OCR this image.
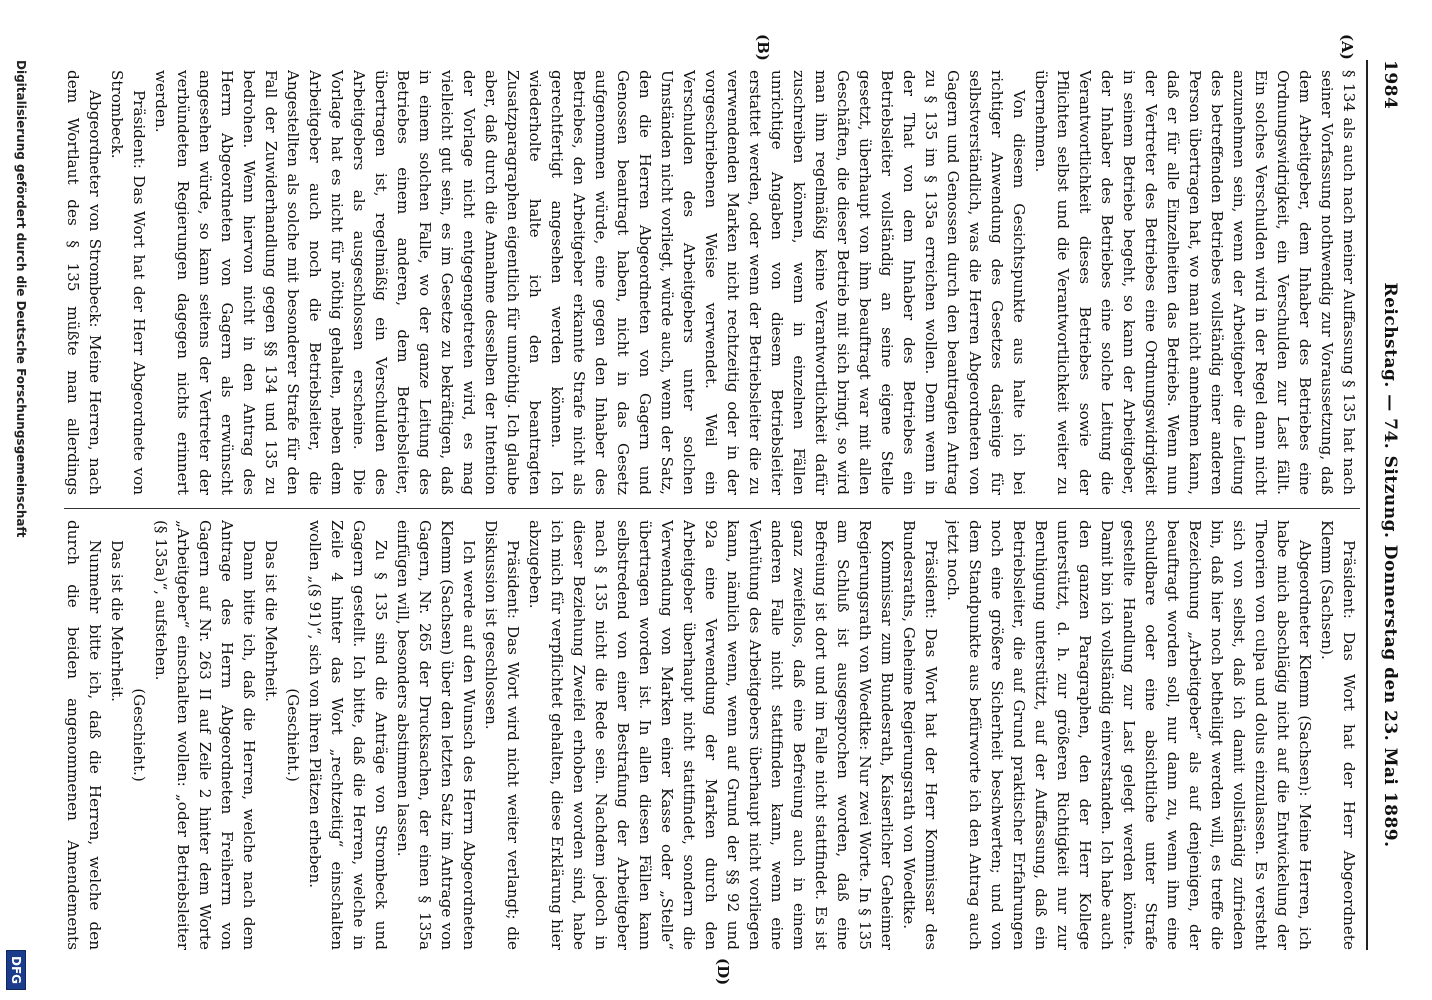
1984
Reichstag. — 74. Sitzung. Donnerstag den 23. Mai 1889.
(A)
(B)
(D)

§ 134 als auch nach meiner Auffassung § 135 hat nach seiner Vorfassung nothwendig zur Voraussetzung, daß dem Arbeitgeber, dem Inhaber des Betriebes eine Ordnungswidrigkeit, ein Verschulden zur Last fällt. Ein solches Verschulden wird in der Regel dann nicht anzunehmen sein, wenn der Arbeitgeber die Leitung des betreffenden Betriebes vollständig einer anderen Person übertragen hat, wo man nicht annehmen kann, daß er für alle Einzelheiten das Betriebs. Wenn nun der Vertreter des Betriebes eine Ordnungswidrigkeit in seinem Betriebe begeht, so kann der Arbeitgeber, der Inhaber des Betriebes eine solche Leitung die Verantwortlichkeit dieses Betriebes sowie der Pflichten selbst und die Verantwortlichkeit weiter zu übernehmen.

Von diesem Gesichtspunkte aus halte ich bei richtiger Anwendung des Gesetzes dasjenige für selbstverständlich, was die Herren Abgeordneten von Gagern und Genossen durch den beantragten Antrag zu § 135 im § 135a erreichen wollen. Denn wenn in der That von dem Inhaber des Betriebes ein Betriebsleiter vollständig an seine eigene Stelle gesetzt, überhaupt von ihm beauftragt war mit allen Geschäften, die dieser Betrieb mit sich bringt, so wird man ihm regelmäßig keine Verantwortlichkeit dafür zuschreiben können, wenn in einzelnen Fällen unrichtige Angaben von diesem Betriebsleiter erstattet werden, oder wenn der Betriebsleiter die zu verwendenden Marken nicht rechtzeitig oder in der vorgeschriebenen Weise verwendet. Weil ein Verschulden des Arbeitgebers unter solchen Umständen nicht vorliegt, würde auch, wenn der Satz, den die Herren Abgeordneten von Gagern und Genossen beantragt haben, nicht in das Gesetz aufgenommen würde, eine gegen den Inhaber des Betriebes, den Arbeitgeber erkannte Strafe nicht als gerechtfertigt angesehen werden können. Ich wiederholte halte ich den beantragten Zusatzparagraphen eigentlich für unnöthig. Ich glaube aber, daß durch die Annahme desselben der Intention der Vorlage nicht entgegengetreten wird, es mag vielleicht gut sein, es im Gesetze zu bekräftigen, daß in einem solchen Falle, wo der ganze Leitung des Betriebes einem anderen, dem Betriebsleiter, übertragen ist, regelmäßig ein Verschulden des Arbeitgebers als ausgeschlossen erscheine. Die Vorlage hat es nicht für nöthig gehalten, neben dem Arbeitgeber auch noch die Betriebsleiter, die Angestellten als solche mit besonderer Strafe für den Fall der Zuwiderhandlung gegen §§ 134 und 135 zu bedrohen. Wenn hiervon nicht in den Antrag des Herrn Abgeordneten von Gagern als erwünscht angesehen würde, so kann seitens der Vertreter der verbündeten Regierungen dagegen nichts erinnert werden.

Präsident: Das Wort hat der Herr Abgeordnete von Strombeck.

Abgeordneter von Strombeck: Meine Herren, nach dem Wortlaut des § 135 müßte man allerdings

Präsident: Das Wort hat der Herr Abgeordnete Klemm (Sachsen).

Abgeordneter Klemm (Sachsen): Meine Herren, ich habe mich abschlägig nicht auf die Entwickelung der Theorien von culpa und dolus einzulassen. Es versteht sich von selbst, daß ich damit vollständig zufrieden bin, daß hier noch betheiligt werden will, es treffe die Bezeichnung „Arbeitgeber“ als auf denjenigen, der beauftragt worden soll, nur dann zu, wenn ihm eine schuldbare oder eine absichtliche unter Strafe gestellte Handlung zur Last gelegt werden könnte. Damit bin ich vollständig einverstanden. Ich habe auch den ganzen Paragraphen, den der Herr Kollege unterstützt, d. h. zur größeren Richtigkeit nur zur Beruhigung unterstützt, auf der Auffassung, daß ein Betriebsleiter, die auf Grund praktischer Erfahrungen noch eine größere Sicherheit beschwerten; und von dem Standpunkte aus befürworte ich den Antrag auch jetzt noch.

Präsident: Das Wort hat der Herr Kommissar des Bundesraths, Geheime Regierungsrath von Woedtke.

Kommissar zum Bundesrath, Kaiserlicher Geheimer Regierungsrath von Woedtke: Nur zwei Worte. In § 135 am Schluß ist ausgesprochen worden, daß eine Befreiung ist dort und im Falle nicht stattfindet. Es ist ganz zweifellos, daß eine Befreiung auch in einem anderen Falle nicht stattfinden kann, wenn eine Verhütung des Arbeitgebers überhaupt nicht vorliegen kann, nämlich wenn, wenn auf Grund der §§ 92 und 92a eine Verwendung der Marken durch den Arbeitgeber überhaupt nicht stattfindet, sondern die Verwendung von Marken einer Kasse oder „Stelle“ übertragen worden ist. In allen diesen Fällen kann selbstredend von einer Bestrafung der Arbeitgeber nach § 135 nicht die Rede sein. Nachdem jedoch in dieser Beziehung Zweifel erhoben worden sind, habe ich mich für verpflichtet gehalten, diese Erklärung hier abzugeben.

Präsident: Das Wort wird nicht weiter verlangt; die Diskussion ist geschlossen.

Ich werde auf den Wunsch des Herrn Abgeordneten Klemm (Sachsen) über den letzten Satz im Antrage von Gagern, Nr. 265 der Drucksachen, der einen § 135a einfügen will, besonders abstimmen lassen.

Zu § 135 sind die Anträge von Strombeck und Gagern gestellt. Ich bitte, daß die Herren, welche in Zeile 4 hinter das Wort „rechtzeitig“ einschalten wollen „(§ 91)“, sich von ihren Plätzen erheben.

(Geschieht.)

Das ist die Mehrheit.

Dann bitte ich, daß die Herren, welche nach dem Antrage des Herrn Abgeordneten Freiherrn von Gagern auf Nr. 263 II auf Zeile 2 hinter dem Worte „Arbeitgeber“ einschalten wollen: „oder Betriebsleiter (§ 135a)“, aufstehen.

(Geschieht.)

Das ist die Mehrheit.

Nunmehr bitte ich, daß die Herren, welche den durch die beiden angenommenen Amendements

Digitalisierung gefördert durch die Deutsche Forschungsgemeinschaft
DFG
